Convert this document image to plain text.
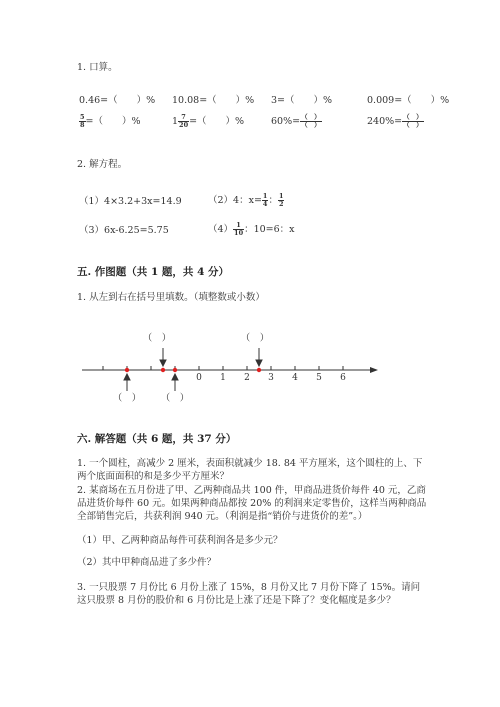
1. 口算。
0.46=（　　）% 10.08=（　　）% 3=（　　）%	0.009=（　　）%
$\frac{5}{8}$ =（　　）%	$1 \frac{7}{20}$ =（　　）%	$60\%= \frac{( )}{( )}$	$240\%= \frac{( )}{( )}$
2. 解方程。
（1）4×3.2+3x=14.9	（2）4：$x= \frac{1}{4}$ ： $\frac{1}{2}$
（3）6x-6.25=5.75	$(4) \frac{1}{10}$ ：10=6：x
五. 作图题（共 1 题，共 4 分）
1. 从左到右在括号里填数。（填整数或小数）
0 1 2 3 4 5 6
（　）	（　）
（　） （　）
六. 解答题（共 6 题，共 37 分）
1. 一个圆柱，高减少 2 厘米，表面积就减少 18. 84 平方厘米，这个圆柱的上、下两个底面面积的和是多少平方厘米？
2. 某商场在五月份进了甲、乙两种商品共 100 件，甲商品进货价每件 40 元，乙商品进货价每件 60 元。如果两种商品都按 20% 的利润来定零售价，这样当两种商品全部销售完后，共获利润 940 元。（利润是指“销价与进货价的差”。）
（1）甲、乙两种商品每件可获利润各是多少元？
（2）其中甲种商品进了多少件？
3. 一只股票 7 月份比 6 月份上涨了 15%，8 月份又比 7 月份下降了 15%。请问这只股票 8 月份的股价和 6 月份比是上涨了还是下降了？变化幅度是多少？
